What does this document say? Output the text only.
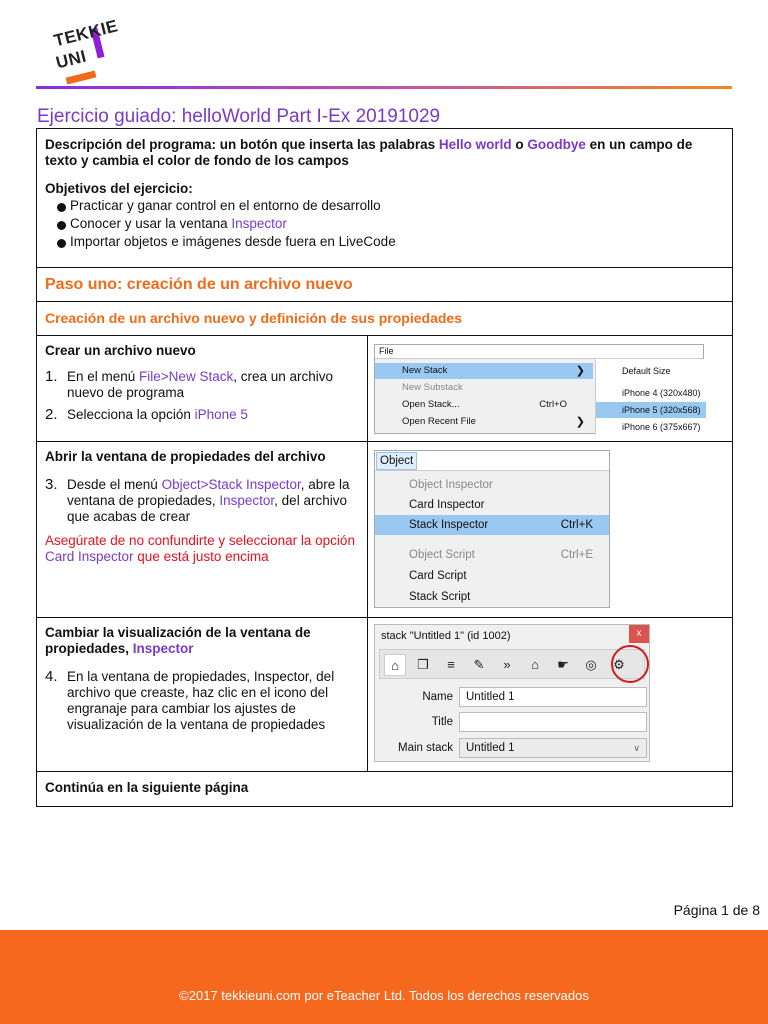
TEKKIE
UNI
Ejercicio guiado: helloWorld Part I-Ex 20191029

Descripción del programa: un botón que inserta las palabras Hello world o Goodbye en un campo de texto y cambia el color de fondo de los campos

Objetivos del ejercicio:

Practicar y ganar control en el entorno de desarrollo
Conocer y usar la ventana
Inspector
Importar objetos e imágenes desde fuera en LiveCode
Paso uno: creación de un archivo nuevo
Creación de un archivo nuevo y definición de sus propiedades
Crear un archivo nuevo
1. En el menú File>New Stack, crea un archivo nuevo de programa
2. Selecciona la opción iPhone 5
File
New Stack	❯
New Substack
Open Stack...	Ctrl+O
Open Recent File	❯
Default Size
iPhone 4 (320x480)
iPhone 5 (320x568)
iPhone 6 (375x667)
Abrir la ventana de propiedades del archivo
3. Desde el menú Object>Stack Inspector, abre la ventana de propiedades, Inspector, del archivo que acabas de crear

Asegúrate de no confundirte y seleccionar la opción Card Inspector que está justo encima

Object
Object Inspector
Card Inspector
Stack Inspector	Ctrl+K
Object Script	Ctrl+E
Card Script
Stack Script
Cambiar la visualización de la ventana de propiedades, Inspector
4. En la ventana de propiedades, Inspector, del archivo que creaste, haz clic en el icono del engranaje para cambiar los ajustes de visualización de la ventana de propiedades
stack "Untitled 1" (id 1002)	x
⌂	❐	≡	✎	»	⌂	☛	◎	⚙
Name	Untitled 1
Title
Main stack	Untitled 1	∨
Continúa en la siguiente página
Página 1 de 8
©2017 tekkieuni.com por eTeacher Ltd. Todos los derechos reservados
